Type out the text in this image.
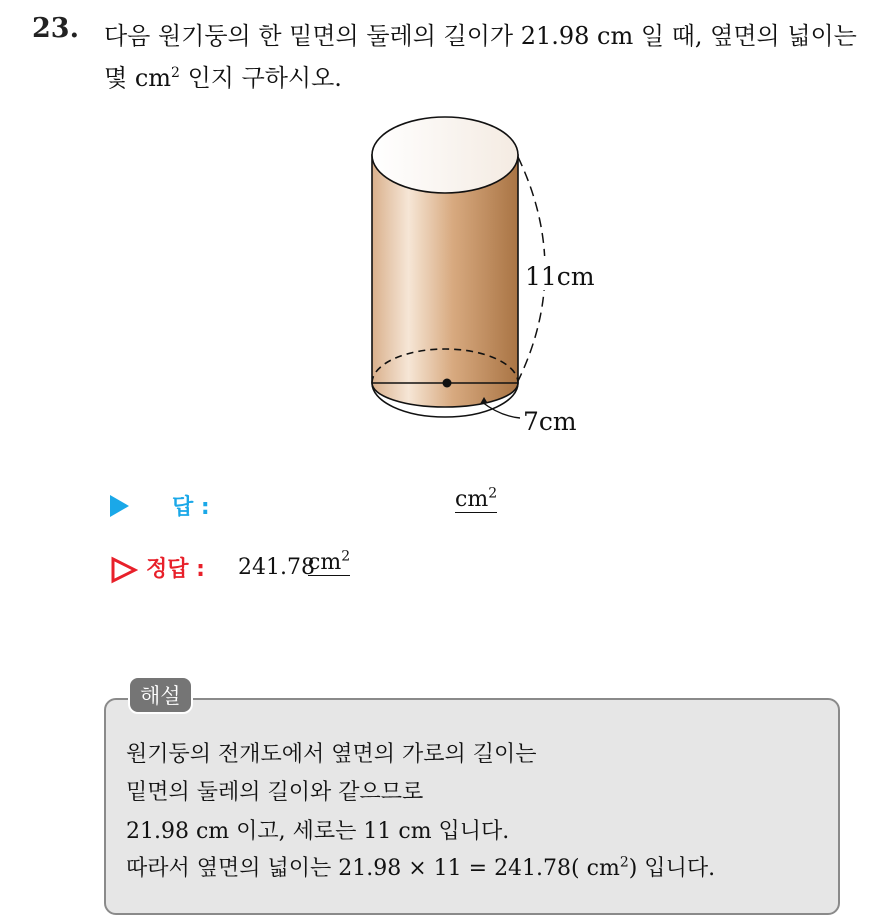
23. 다음 원기둥의 한 밑면의 둘레의 길이가 21.98 cm 일 때, 옆면의 넓이는
몇 $cm^2$ 인지 구하시오.
11cm
7cm
답 :	$cm^2$
정답 : 241.78
$cm^2$
해설
원기둥의 전개도에서 옆면의 가로의 길이는
밑면의 둘레의 길이와 같으므로
21.98 cm 이고, 세로는 11 cm 입니다.
따라서 옆면의 넓이는 21.98 × 11 = 241.78( $cm^2$) 입니다.
